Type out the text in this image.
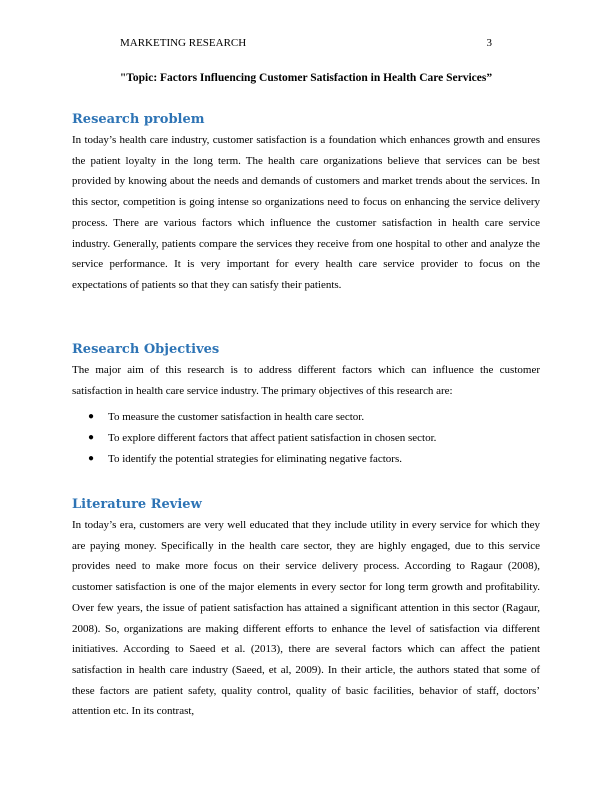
MARKETING RESEARCH	3
"Topic: Factors Influencing Customer Satisfaction in Health Care Services”
Research problem

In today’s health care industry, customer satisfaction is a foundation which enhances growth and ensures the patient loyalty in the long term. The health care organizations believe that services can be best provided by knowing about the needs and demands of customers and market trends about the services. In this sector, competition is going intense so organizations need to focus on enhancing the service delivery process. There are various factors which influence the customer satisfaction in health care service industry. Generally, patients compare the services they receive from one hospital to other and analyze the service performance. It is very important for every health care service provider to focus on the expectations of patients so that they can satisfy their patients.

Research Objectives

The major aim of this research is to address different factors which can influence the customer satisfaction in health care service industry. The primary objectives of this research are:

● To measure the customer satisfaction in health care sector.
● To explore different factors that affect patient satisfaction in chosen sector.
● To identify the potential strategies for eliminating negative factors.
Literature Review

In today’s era, customers are very well educated that they include utility in every service for which they are paying money. Specifically in the health care sector, they are highly engaged, due to this service provides need to make more focus on their service delivery process. According to Ragaur (2008), customer satisfaction is one of the major elements in every sector for long term growth and profitability. Over few years, the issue of patient satisfaction has attained a significant attention in this sector (Ragaur, 2008). So, organizations are making different efforts to enhance the level of satisfaction via different initiatives. According to Saeed et al. (2013), there are several factors which can affect the patient satisfaction in health care industry (Saeed, et al, 2009). In their article, the authors stated that some of these factors are patient safety, quality control, quality of basic facilities, behavior of staff, doctors’ attention etc. In its contrast,
